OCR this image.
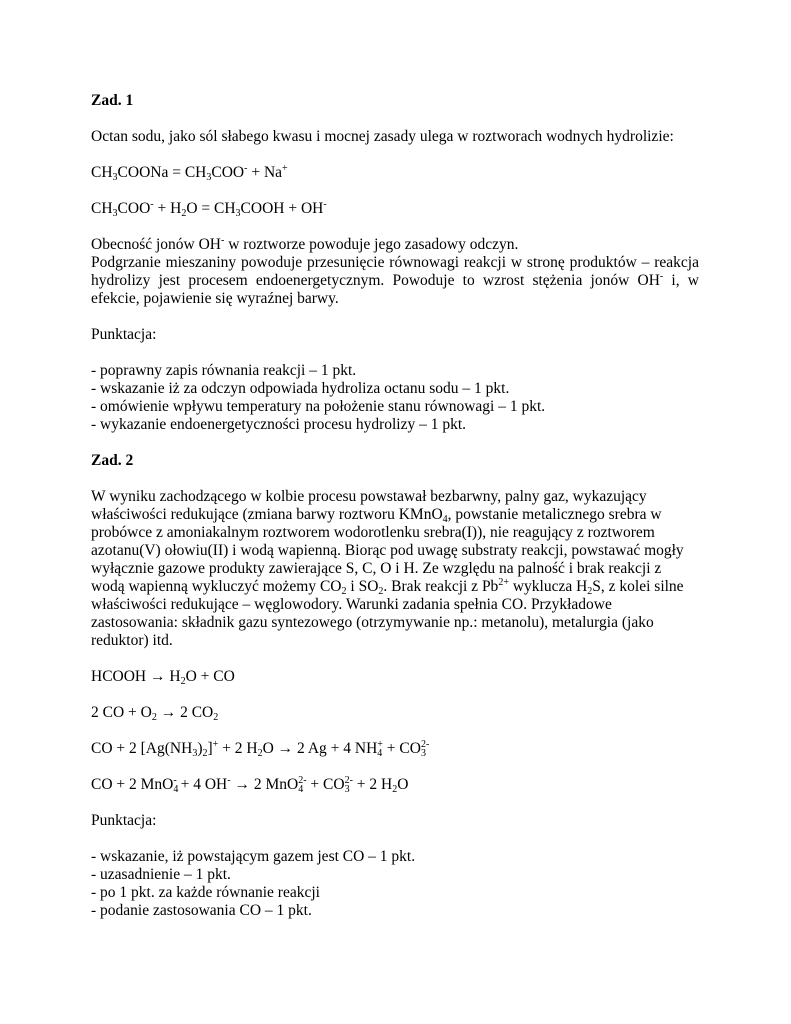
Zad. 1

Octan sodu, jako sól słabego kwasu i mocnej zasady ulega w roztworach wodnych hydrolizie:

$CH_3COONa = CH_3COO^- + Na^+$

$CH_3COO^- + H_2O$ = $CH_3COOH + OH^-$

Obecność jonów OH- w roztworze powoduje jego zasadowy odczyn.
Podgrzanie mieszaniny powoduje przesunięcie równowagi reakcji w stronę produktów – reakcja hydrolizy jest procesem endoenergetycznym. Powoduje to wzrost stężenia jonów OH- i, w efekcie, pojawienie się wyraźnej barwy.

Punktacja:

- poprawny zapis równania reakcji – 1 pkt.
- wskazanie iż za odczyn odpowiada hydroliza octanu sodu – 1 pkt.
- omówienie wpływu temperatury na położenie stanu równowagi – 1 pkt.
- wykazanie endoenergetyczności procesu hydrolizy – 1 pkt.

Zad. 2

W wyniku zachodzącego w kolbie procesu powstawał bezbarwny, palny gaz, wykazujący
właściwości redukujące (zmiana barwy roztworu KMnO$_4$, powstanie metalicznego srebra w
probówce z amoniakalnym roztworem wodorotlenku srebra(I)), nie reagujący z roztworem
azotanu(V) ołowiu(II) i wodą wapienną. Biorąc pod uwagę substraty reakcji, powstawać mogły
wyłącznie gazowe produkty zawierające S, C, O i H. Ze względu na palność i brak reakcji z
wodą wapienną wykluczyć możemy $CO_2$ i $SO_2$. Brak reakcji z $Pb^{2+}$ wyklucza $H_2S$, z kolei silne
właściwości redukujące – węglowodory. Warunki zadania spełnia CO. Przykładowe
zastosowania: składnik gazu syntezowego (otrzymywanie np.: metanolu), metalurgia (jako
reduktor) itd.

HCOOH → $H_2O$ + CO

2 CO + $O_2 \to 2$ $CO_2$

CO + 2 $[Ag(NH_3)_2]^+ + 2$ $H_2O \to 2$ Ag + 4 $NH_4^+ + CO_3^{2-}$

CO + 2 MnO$_4$- + 4 OH- → 2 $MnO_4^{2-} + CO_3^{2-} + 2$ $H_2O$

Punktacja:

- wskazanie, iż powstającym gazem jest CO – 1 pkt.
- uzasadnienie – 1 pkt.
- po 1 pkt. za każde równanie reakcji
- podanie zastosowania CO – 1 pkt.
